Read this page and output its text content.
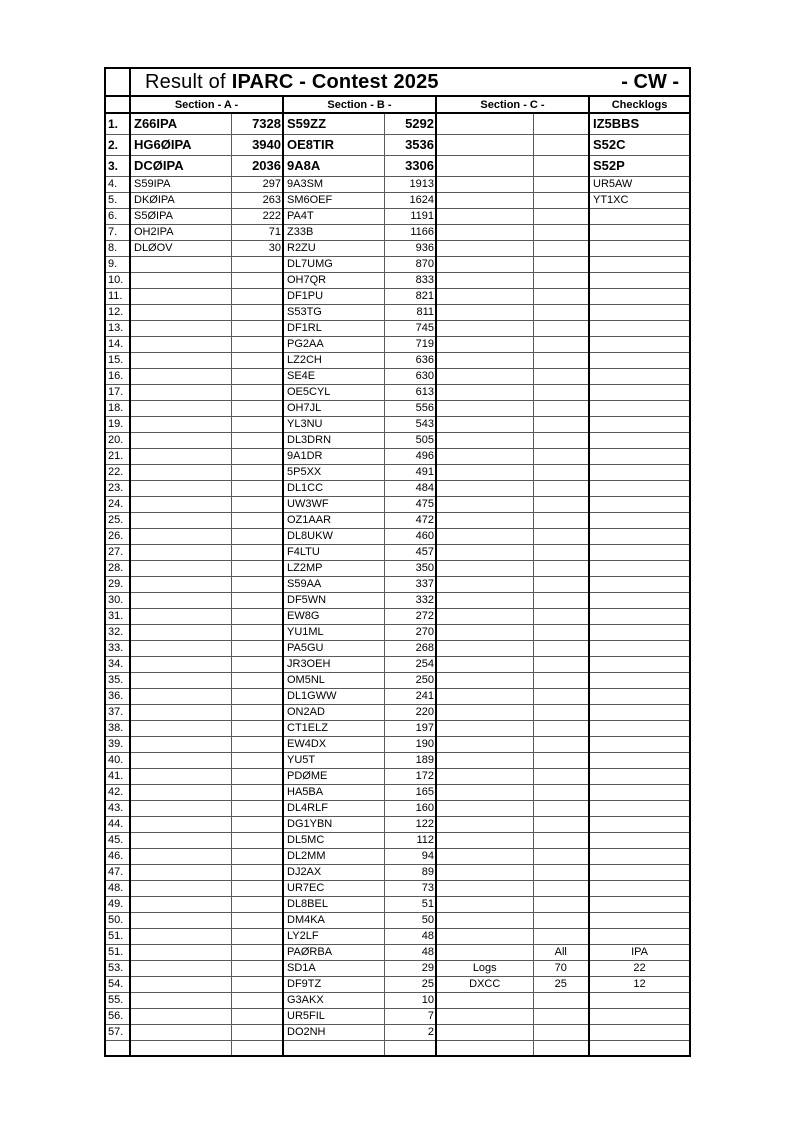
	Result of IPARC - Contest 2025 - CW -						

	Section - A -		Section - B -		Section - C -		Checklogs
1.	Z66IPA	7328	S59ZZ	5292			IZ5BBS
2.	HG6ØIPA	3940	OE8TIR	3536			S52C
3.	DCØIPA	2036	9A8A	3306			S52P
4.	S59IPA	297	9A3SM	1913			UR5AW
5.	DKØIPA	263	SM6OEF	1624			YT1XC
6.	S5ØIPA	222	PA4T	1191			
7.	OH2IPA	71	Z33B	1166			
8.	DLØOV	30	R2ZU	936			
9.			DL7UMG	870			
10.			OH7QR	833			
11.			DF1PU	821			
12.			S53TG	811			
13.			DF1RL	745			
14.			PG2AA	719			
15.			LZ2CH	636			
16.			SE4E	630			
17.			OE5CYL	613			
18.			OH7JL	556			
19.			YL3NU	543			
20.			DL3DRN	505			
21.			9A1DR	496			
22.			5P5XX	491			
23.			DL1CC	484			
24.			UW3WF	475			
25.			OZ1AAR	472			
26.			DL8UKW	460			
27.			F4LTU	457			
28.			LZ2MP	350			
29.			S59AA	337			
30.			DF5WN	332			
31.			EW8G	272			
32.			YU1ML	270			
33.			PA5GU	268			
34.			JR3OEH	254			
35.			OM5NL	250			
36.			DL1GWW	241			
37.			ON2AD	220			
38.			CT1ELZ	197			
39.			EW4DX	190			
40.			YU5T	189			
41.			PDØME	172			
42.			HA5BA	165			
43.			DL4RLF	160			
44.			DG1YBN	122			
45.			DL5MC	112			
46.			DL2MM	94			
47.			DJ2AX	89			
48.			UR7EC	73			
49.			DL8BEL	51			
50.			DM4KA	50			
51.			LY2LF	48			
51.			PAØRBA	48		All	IPA
53.			SD1A	29	Logs	70	22
54.			DF9TZ	25	DXCC	25	12
55.			G3AKX	10			
56.			UR5FIL	7			
57.			DO2NH	2			
